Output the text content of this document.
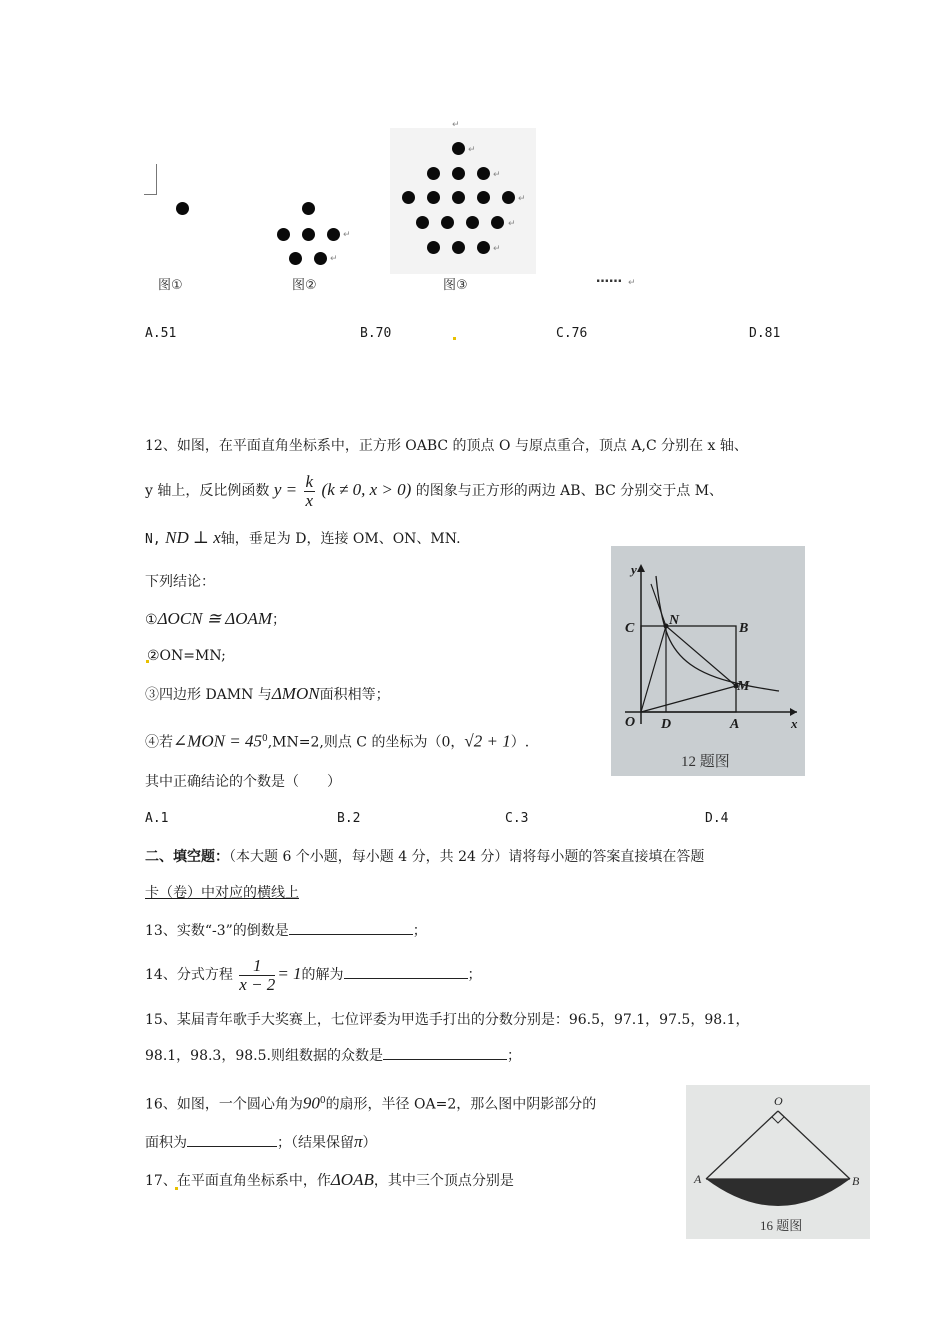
↵
↵
↵
↵
↵
↵
↵
↵
图①	图②	图③	…… ↵
A.51	B.70	C.76	D.81
12、如图，在平面直角坐标系中，正方形 OABC 的顶点 O 与原点重合，顶点 A,C 分别在 x 轴、
y 轴上，反比例函数 $y = \frac{k}{x} (k \ne 0$, x > 0) 的图象与正方形的两边 AB、BC 分别交于点 M、
N, ND ⊥ x轴，垂足为 D，连接 OM、ON、MN.
下列结论：
①ΔOCN ≅ ΔOAM；
②ON=MN;
③四边形 DAMN 与ΔMON面积相等；
④若∠MON = $45^0,MN=2$,则点 C 的坐标为（0，√2 + 1）.
其中正确结论的个数是（　　）
A.1	B.2	C.3	D.4
y
x
C
N
B
M
O D	A
12 题图
二、填空题：（本大题 6 个小题，每小题 4 分，共 24 分）请将每小题的答案直接填在答题
卡（卷）中对应的横线上
13、实数“-3”的倒数是	；
14、分式方程 $\frac{1}{x - 2} = 1$的解为	；
15、某届青年歌手大奖赛上，七位评委为甲选手打出的分数分别是：96.5，97.1，97.5，98.1，
98.1，98.3，98.5.则组数据的众数是	；
16、如图，一个圆心角为$90^0$的扇形，半径 OA=2，那么图中阴影部分的
面积为	；（结果保留π）
O
A	B
16 题图
17、在平面直角坐标系中，作ΔOAB，其中三个顶点分别是
